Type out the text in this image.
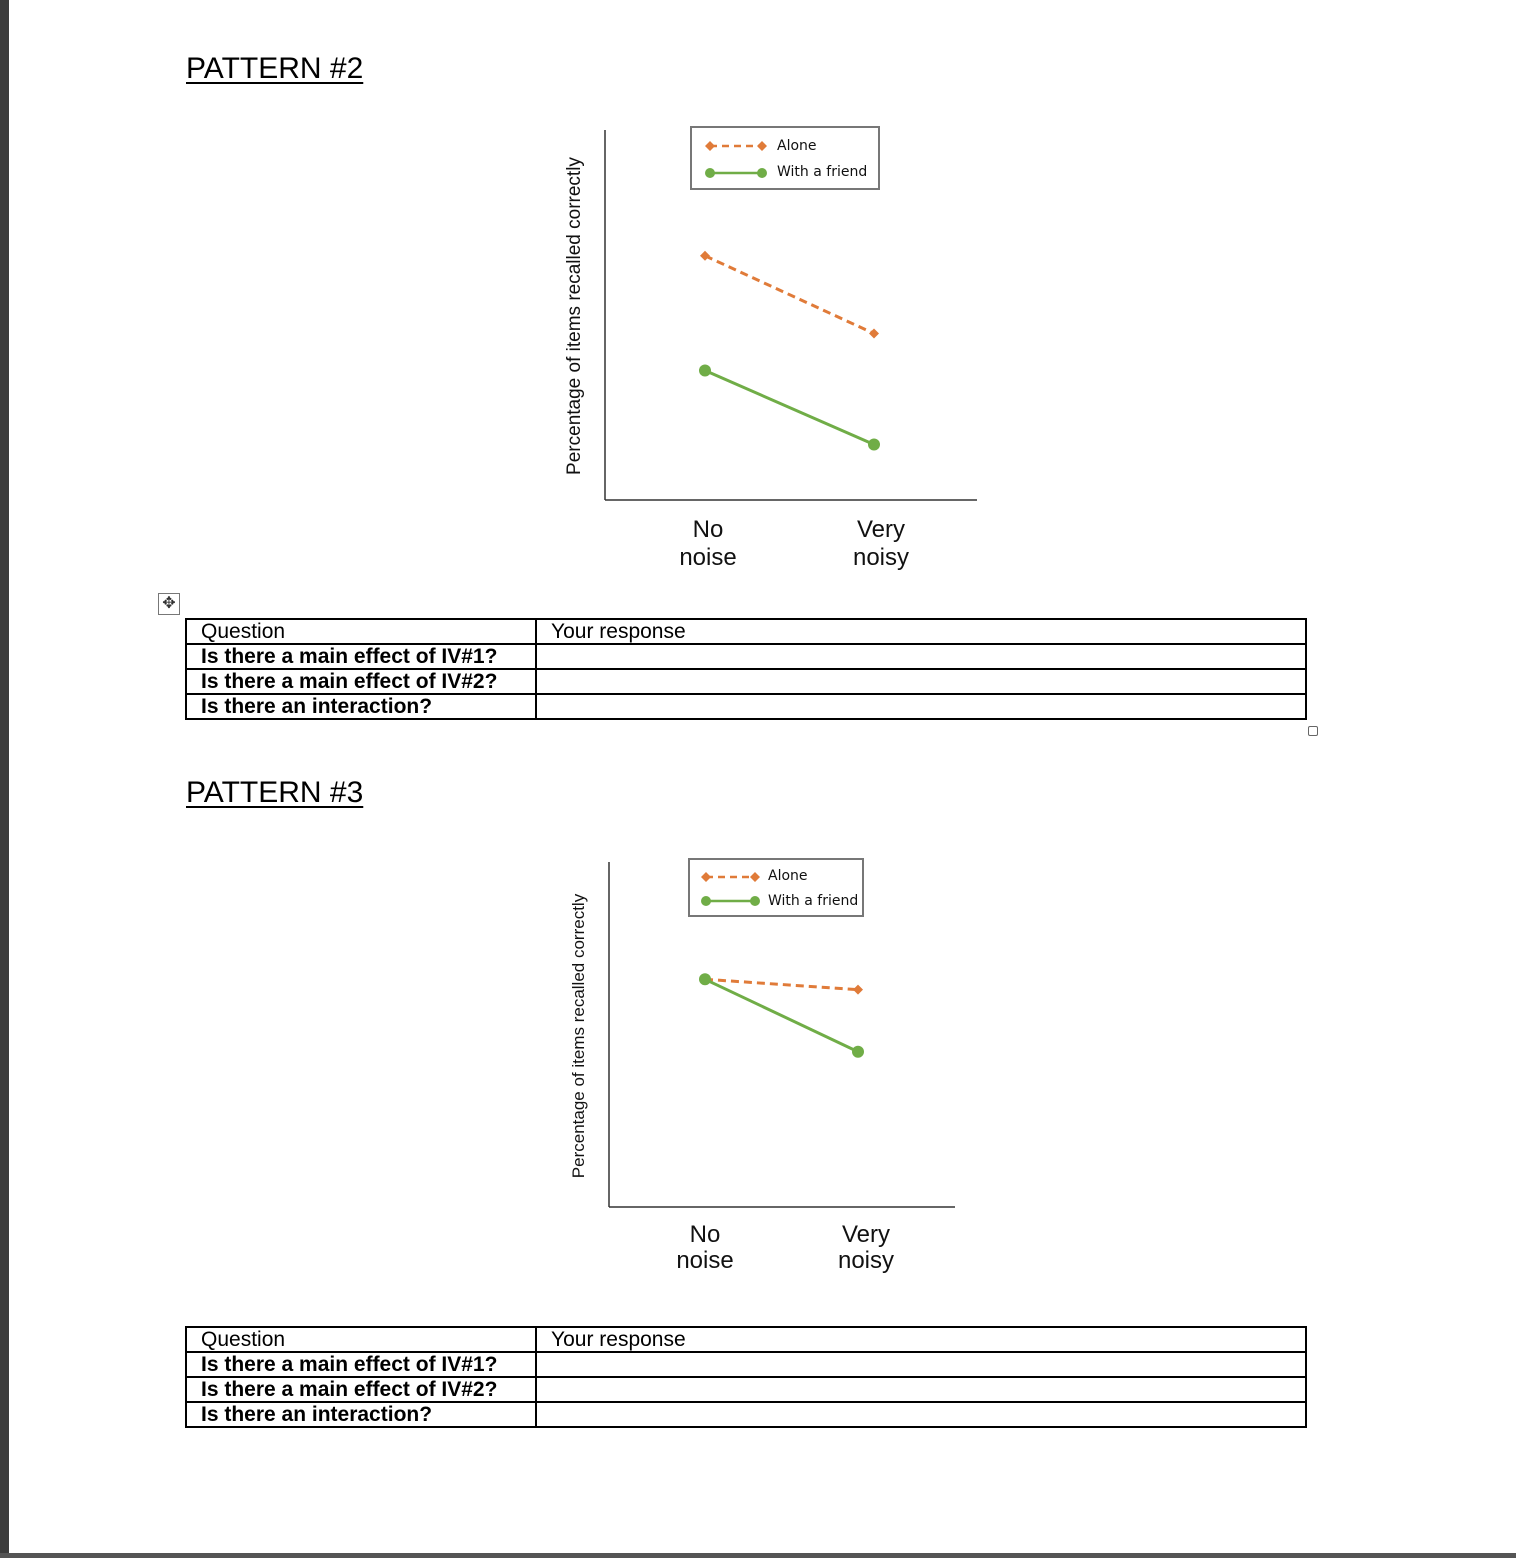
PATTERN #2
Percentage of items recalled correctly
No
noise
Very
noisy
Alone
With a friend
✥
Question	Your response
Is there a main effect of IV#1?	
Is there a main effect of IV#2?	
Is there an interaction?	
PATTERN #3
Percentage of items recalled correctly
No
noise
Very
noisy
Alone
With a friend
Question	Your response
Is there a main effect of IV#1?	
Is there a main effect of IV#2?	
Is there an interaction?	
